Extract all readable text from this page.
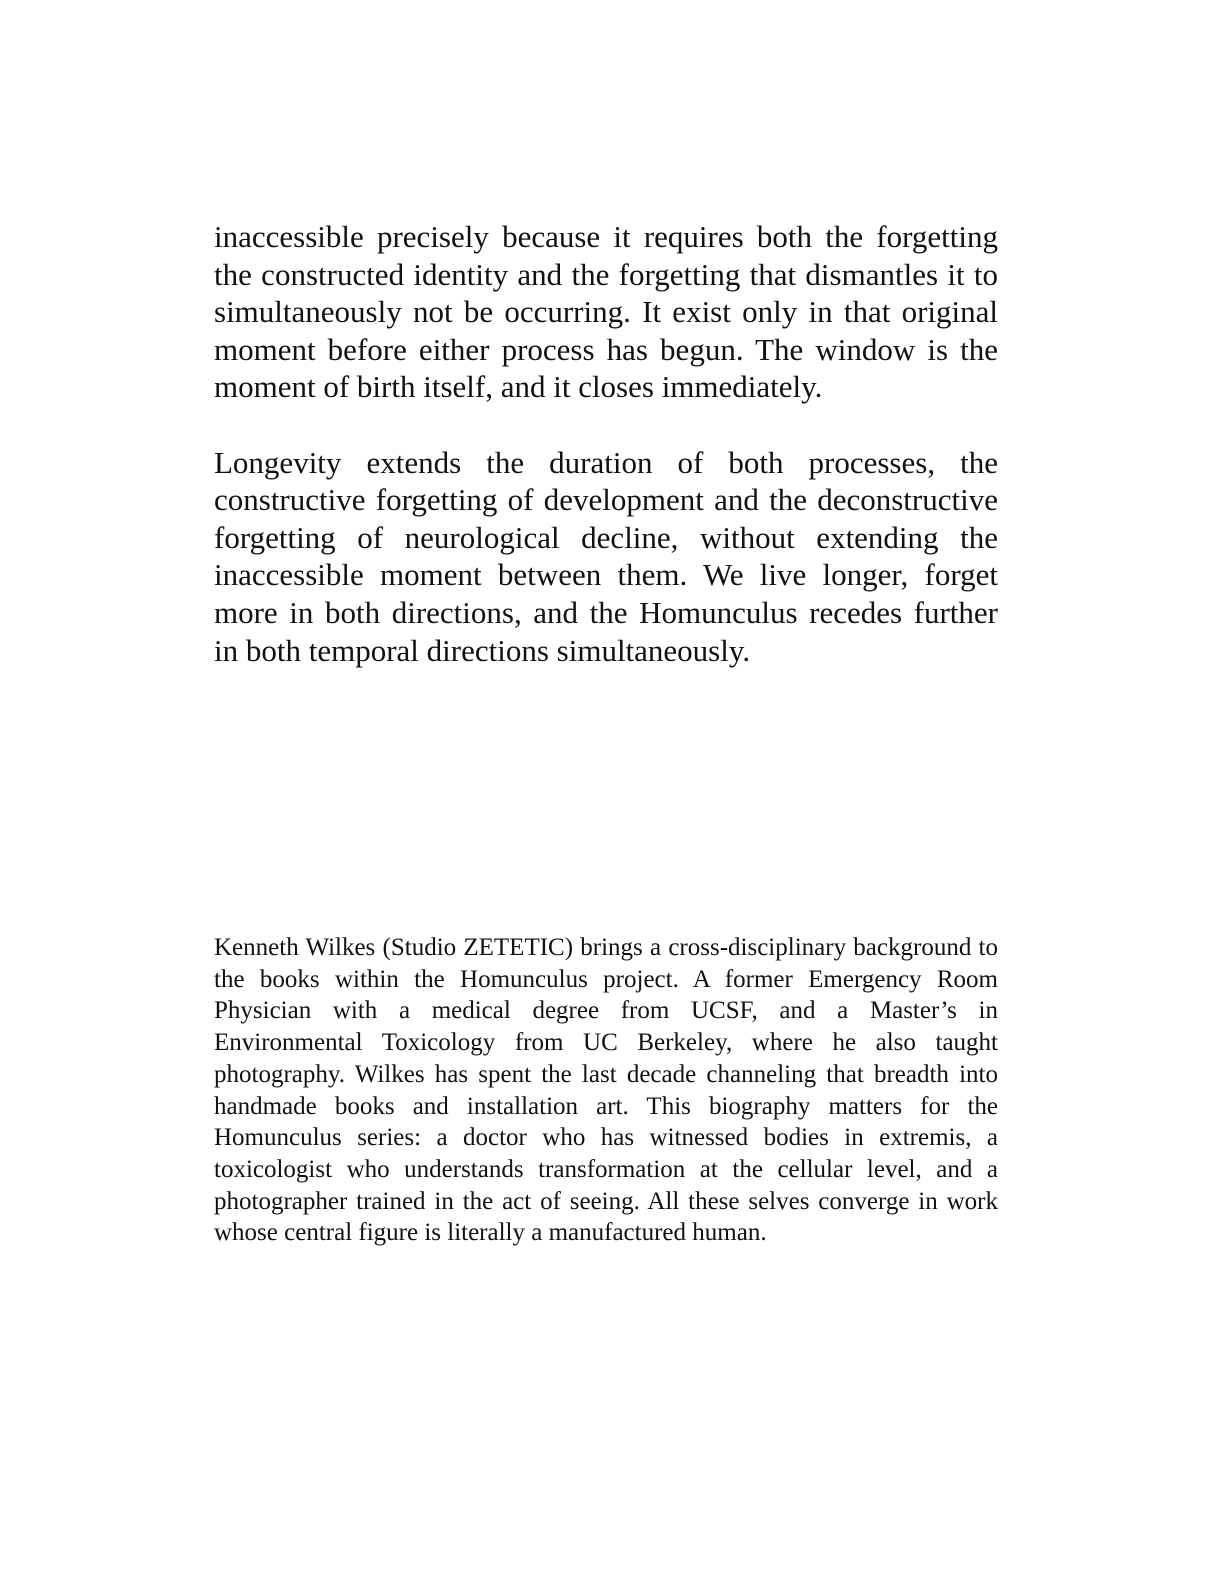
inaccessible precisely because it requires both the forgetting the constructed identity and the forgetting that dismantles it to simultaneously not be occurring. It exist only in that original moment before either process has begun. The window is the moment of birth itself, and it closes immediately.

Longevity extends the duration of both processes, the constructive forgetting of development and the deconstructive forgetting of neurological decline, without extending the inaccessible moment between them. We live longer, forget more in both directions, and the Homunculus recedes further in both temporal directions simultaneously.

Kenneth Wilkes (Studio ZETETIC) brings a cross-disciplinary background to the books within the Homunculus project. A former Emergency Room Physician with a medical degree from UCSF, and a Master’s in Environmental Toxicology from UC Berkeley, where he also taught photography. Wilkes has spent the last decade channeling that breadth into handmade books and installation art. This biography matters for the Homunculus series: a doctor who has witnessed bodies in extremis, a toxicologist who understands transformation at the cellular level, and a photographer trained in the act of seeing. All these selves converge in work whose central figure is literally a manufactured human.
